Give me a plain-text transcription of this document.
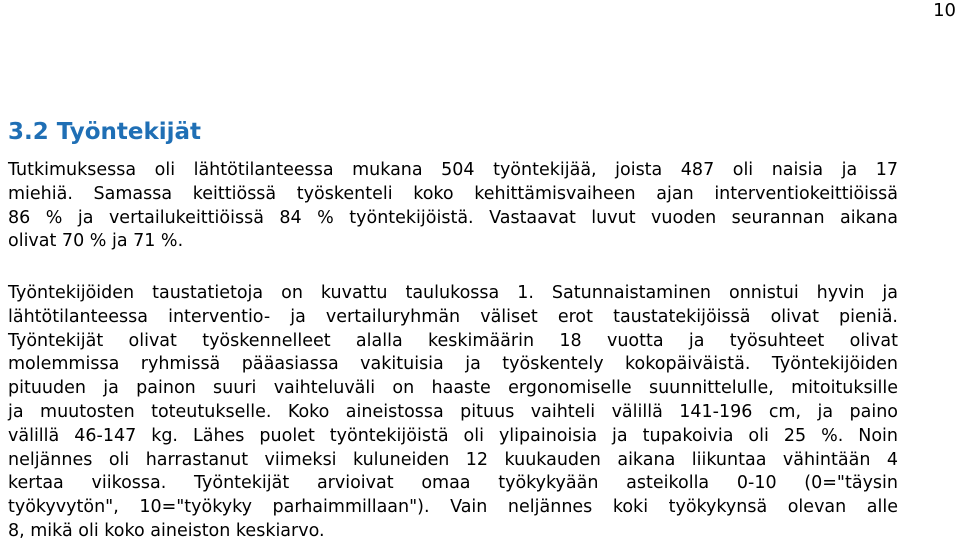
10
3.2 Työntekijät
Tutkimuksessa oli lähtötilanteessa mukana 504 työntekijää, joista 487 oli naisia ja 17
miehiä. Samassa keittiössä työskenteli koko kehittämisvaiheen ajan interventiokeittiöissä
86 % ja vertailukeittiöissä 84 % työntekijöistä. Vastaavat luvut vuoden seurannan aikana
olivat 70 % ja 71 %.
Työntekijöiden taustatietoja on kuvattu taulukossa 1. Satunnaistaminen onnistui hyvin ja
lähtötilanteessa interventio- ja vertailuryhmän väliset erot taustatekijöissä olivat pieniä.
Työntekijät olivat työskennelleet alalla keskimäärin 18 vuotta ja työsuhteet olivat
molemmissa ryhmissä pääasiassa vakituisia ja työskentely kokopäiväistä. Työntekijöiden
pituuden ja painon suuri vaihteluväli on haaste ergonomiselle suunnittelulle, mitoituksille
ja muutosten toteutukselle. Koko aineistossa pituus vaihteli välillä 141-196 cm, ja paino
välillä 46-147 kg. Lähes puolet työntekijöistä oli ylipainoisia ja tupakoivia oli 25 %. Noin
neljännes oli harrastanut viimeksi kuluneiden 12 kuukauden aikana liikuntaa vähintään 4
kertaa viikossa. Työntekijät arvioivat omaa työkykyään asteikolla 0-10 (0="täysin
työkyvytön", 10="työkyky parhaimmillaan"). Vain neljännes koki työkykynsä olevan alle
8, mikä oli koko aineiston keskiarvo.
